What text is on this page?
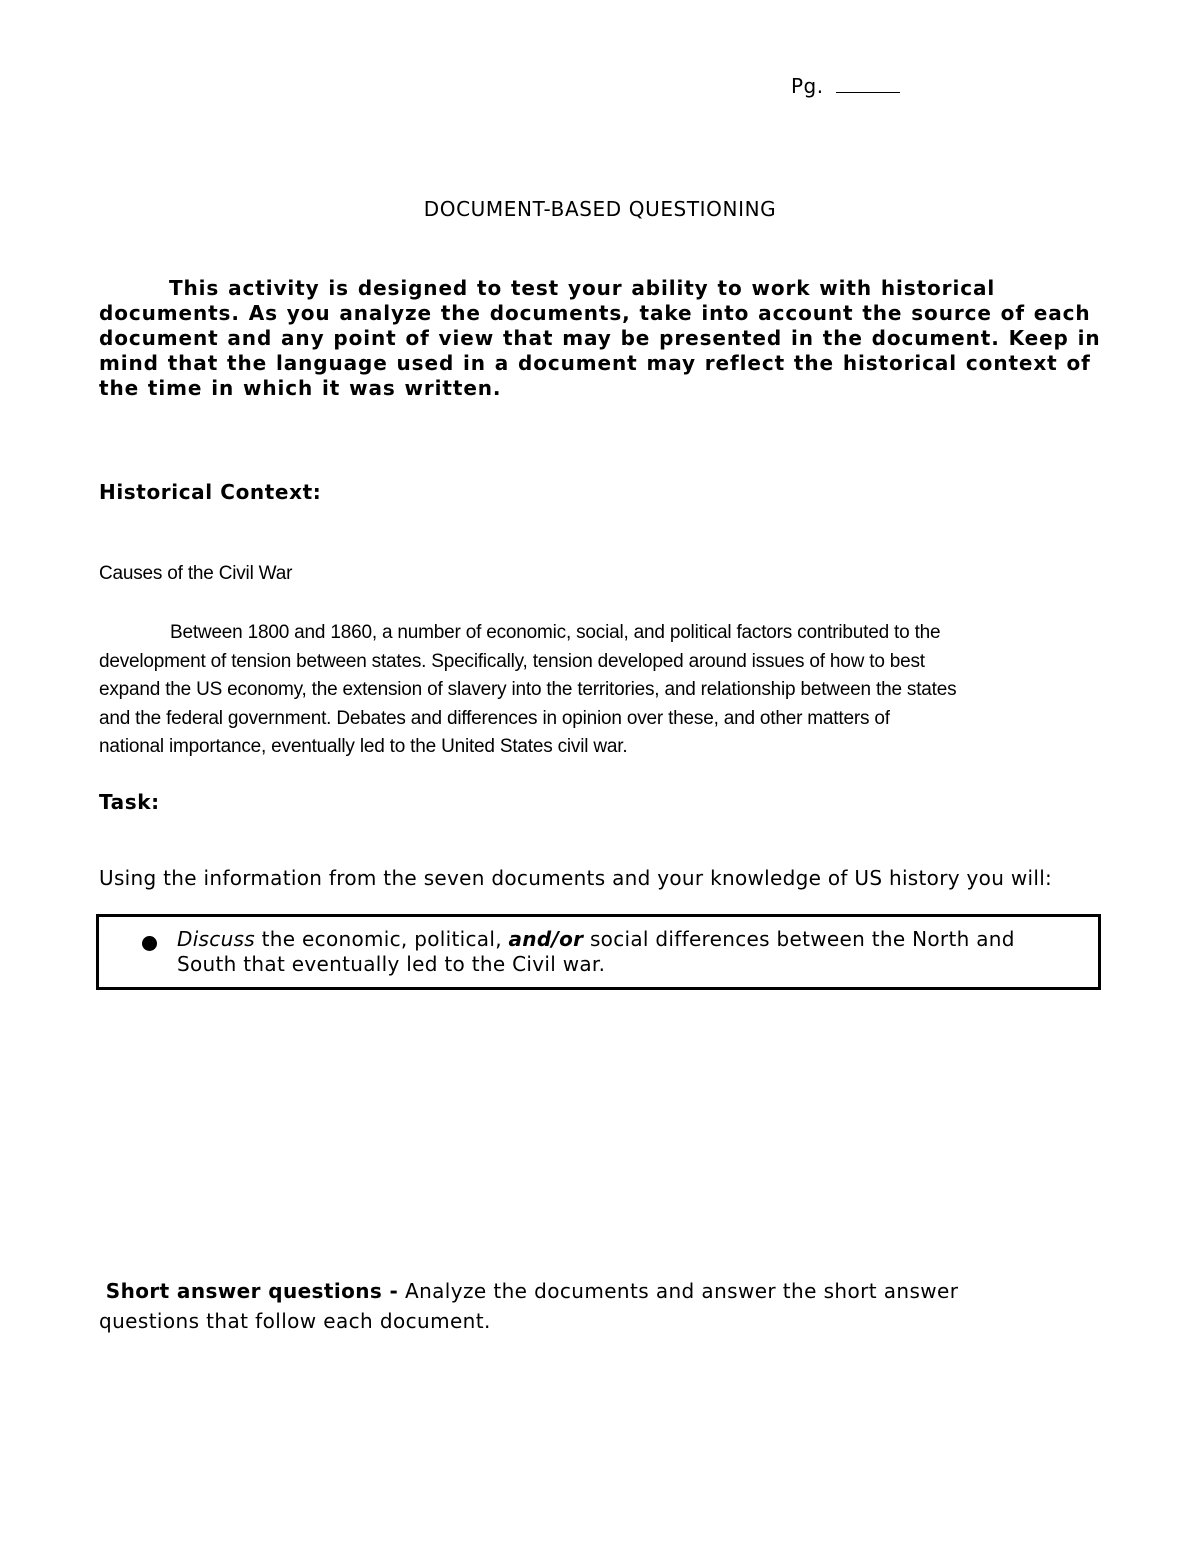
Pg.
DOCUMENT-BASED QUESTIONING

This activity is designed to test your ability to work with historical documents. As you analyze the documents, take into account the source of each document and any point of view that may be presented in the document. Keep in mind that the language used in a document may reflect the historical context of the time in which it was written.

Historical Context:
Causes of the Civil War
Between 1800 and 1860, a number of economic, social, and political factors contributed to the
development of tension between states. Specifically, tension developed around issues of how to best
expand the US economy, the extension of slavery into the territories, and relationship between the states
and the federal government. Debates and differences in opinion over these, and other matters of
national importance, eventually led to the United States civil war.
Task:
Using the information from the seven documents and your knowledge of US history you will:

Discuss the economic, political, and/or social differences between the North and South that eventually led to the Civil war.

Short answer questions - Analyze the documents and answer the short answer
questions that follow each document.
